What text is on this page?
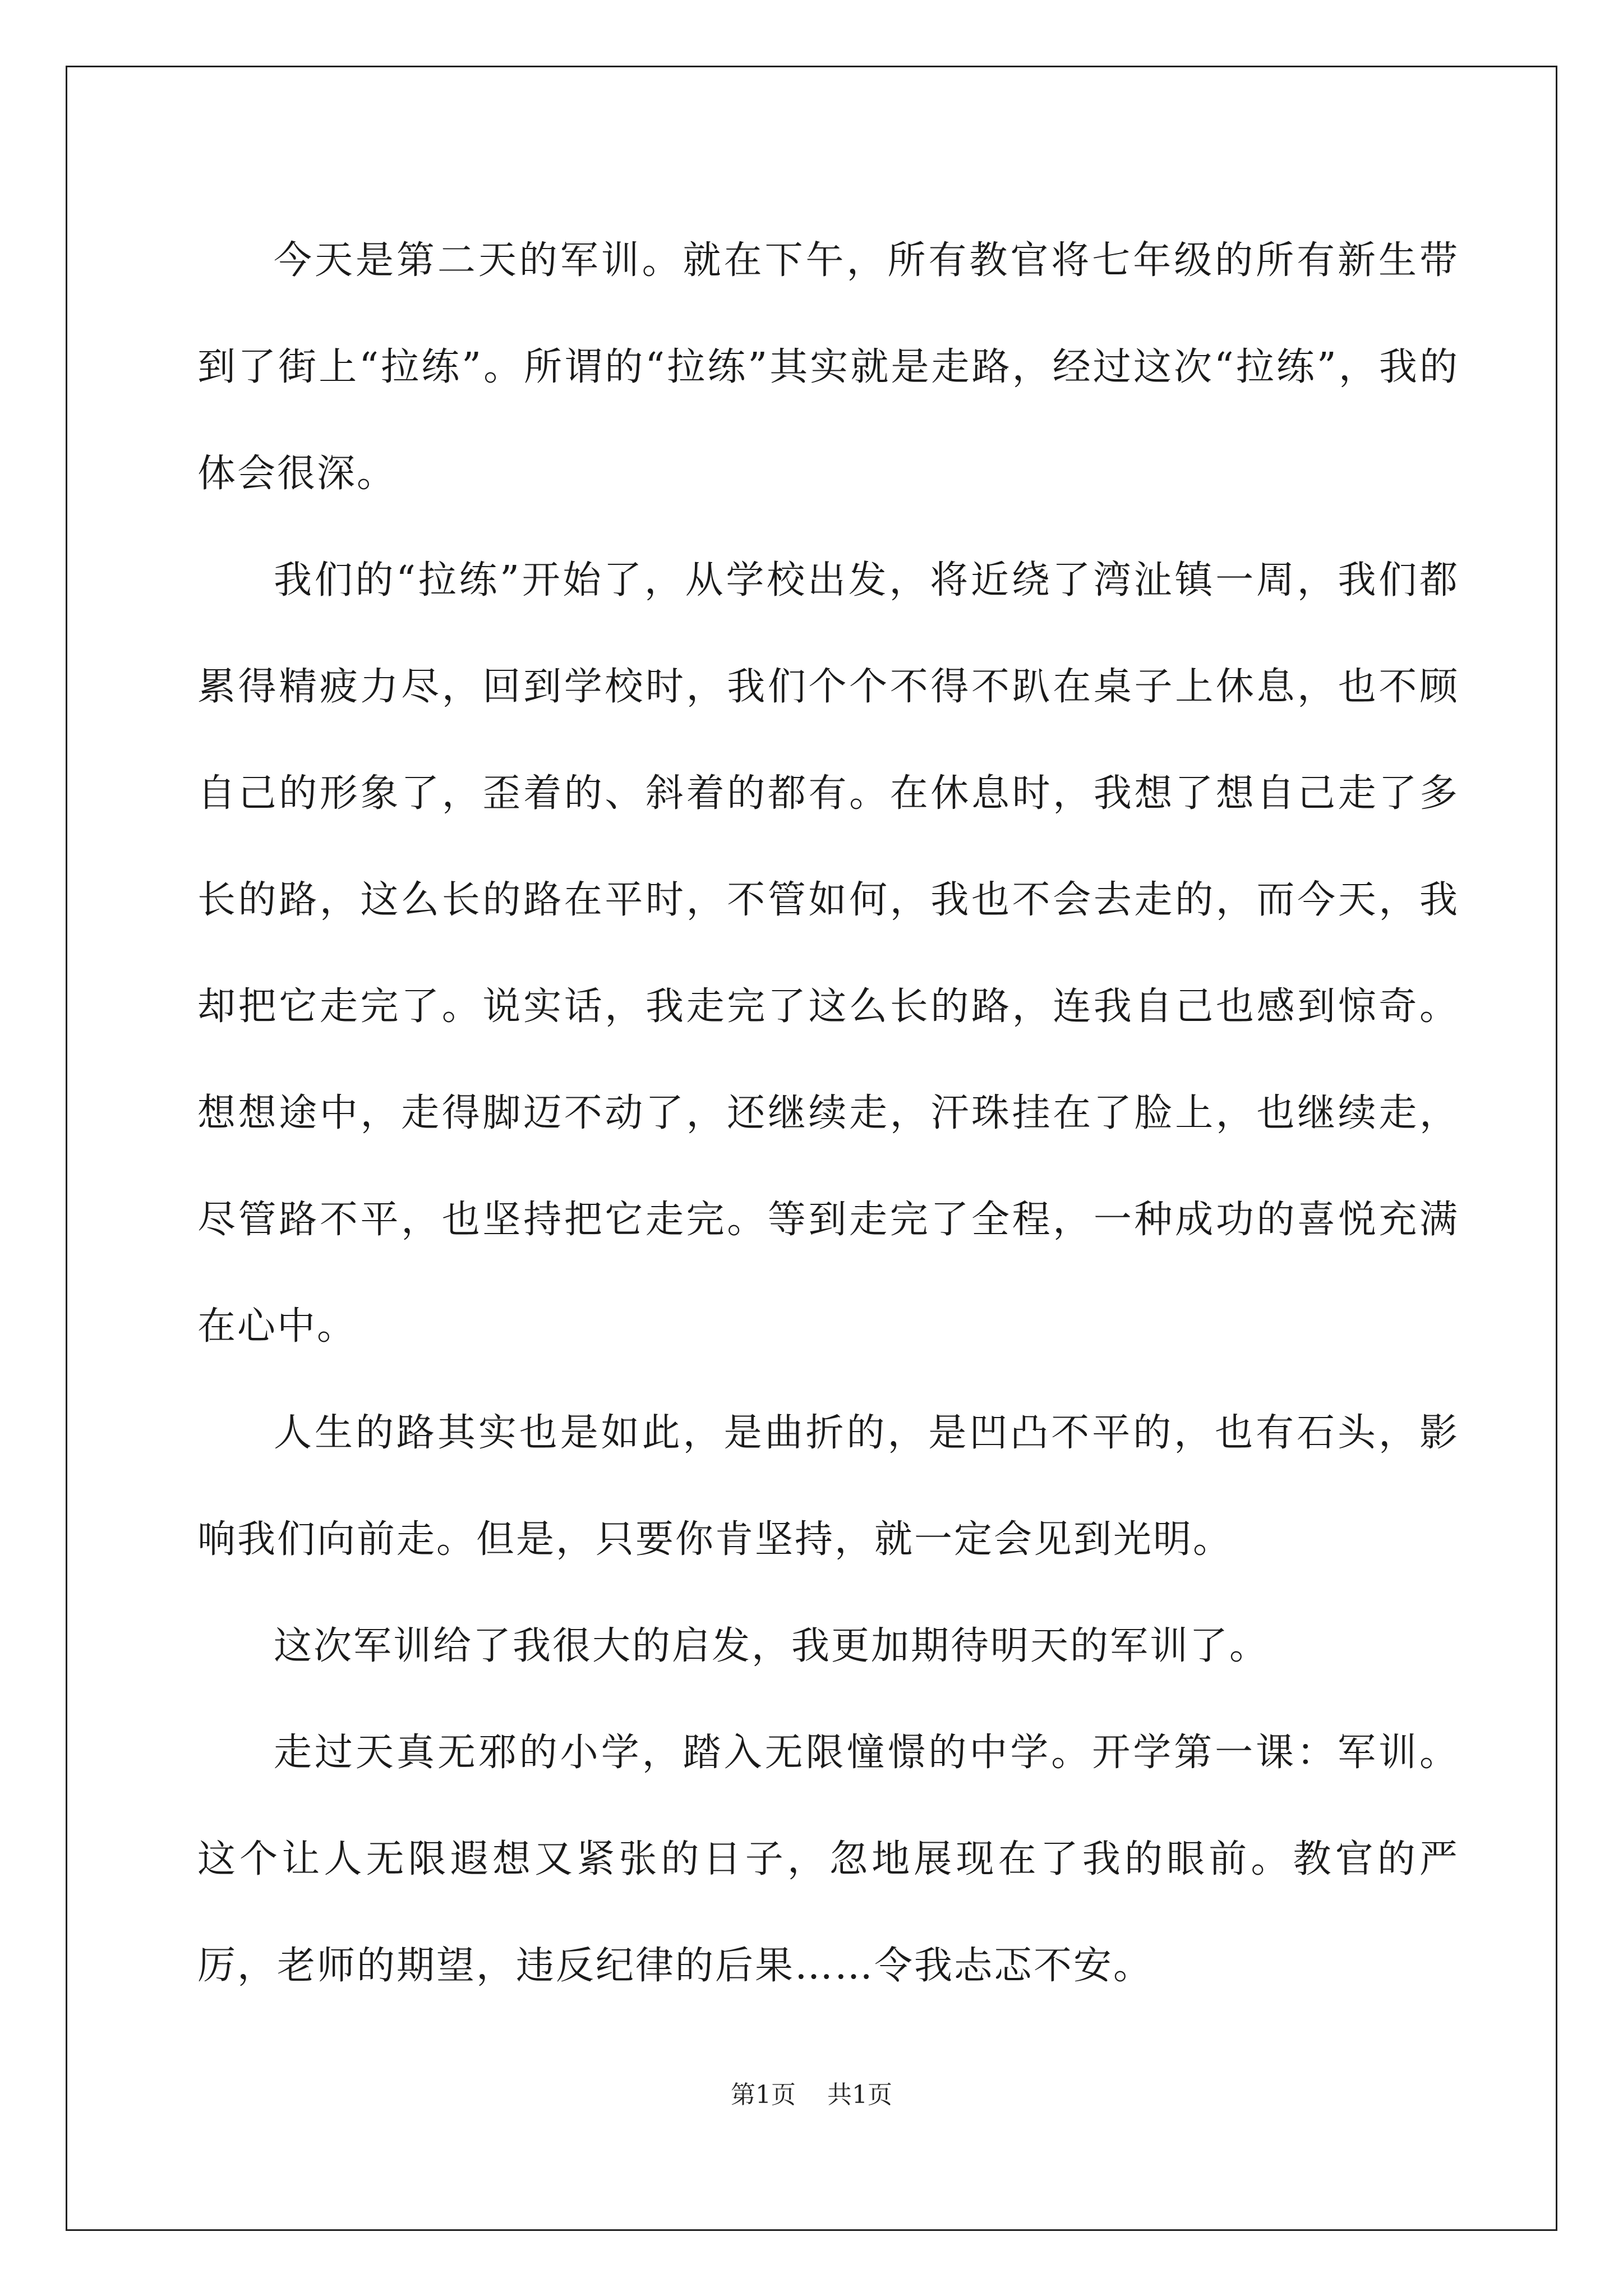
今天是第二天的军训。就在下午，所有教官将七年级的所有新生带到了街上“拉练”。所谓的“拉练”其实就是走路，经过这次“拉练”，我的体会很深。

我们的“拉练”开始了，从学校出发，将近绕了湾沚镇一周，我们都累得精疲力尽，回到学校时，我们个个不得不趴在桌子上休息，也不顾自己的形象了，歪着的、斜着的都有。在休息时，我想了想自己走了多长的路，这么长的路在平时，不管如何，我也不会去走的，而今天，我却把它走完了。说实话，我走完了这么长的路，连我自己也感到惊奇。想想途中，走得脚迈不动了，还继续走，汗珠挂在了脸上，也继续走，尽管路不平，也坚持把它走完。等到走完了全程，一种成功的喜悦充满在心中。

人生的路其实也是如此，是曲折的，是凹凸不平的，也有石头，影响我们向前走。但是，只要你肯坚持，就一定会见到光明。

这次军训给了我很大的启发，我更加期待明天的军训了。

走过天真无邪的小学，踏入无限憧憬的中学。开学第一课：军训。这个让人无限遐想又紧张的日子，忽地展现在了我的眼前。教官的严厉，老师的期望，违反纪律的后果……令我忐忑不安。

第1页 共1页
